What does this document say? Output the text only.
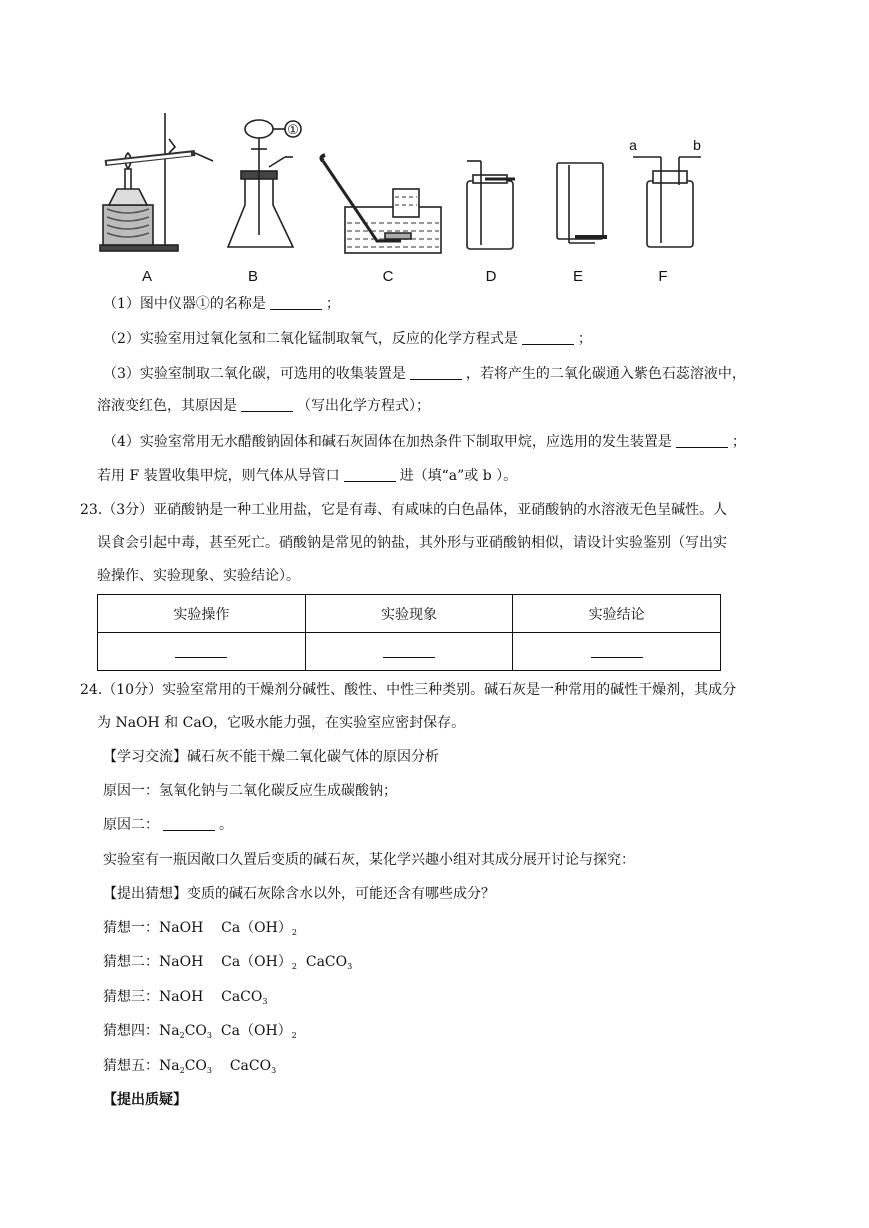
A	B	C	D	E	F
①
a	b
（1）图中仪器①的名称是	；
（2）实验室用过氧化氢和二氧化锰制取氧气，反应的化学方程式是	；
（3）实验室制取二氧化碳，可选用的收集装置是	，若将产生的二氧化碳通入紫色石蕊溶液中，
溶液变红色，其原因是	（写出化学方程式）；
（4）实验室常用无水醋酸钠固体和碱石灰固体在加热条件下制取甲烷，应选用的发生装置是	；
若用 F 装置收集甲烷，则气体从导管口	进（填“a”或 b ）。
23.（3分）亚硝酸钠是一种工业用盐，它是有毒、有咸味的白色晶体，亚硝酸钠的水溶液无色呈碱性。人
误食会引起中毒，甚至死亡。硝酸钠是常见的钠盐，其外形与亚硝酸钠相似，请设计实验鉴别（写出实
验操作、实验现象、实验结论）。
实验操作	实验现象	实验结论

24.（10分）实验室常用的干燥剂分碱性、酸性、中性三种类别。碱石灰是一种常用的碱性干燥剂，其成分
为 NaOH 和 CaO，它吸水能力强，在实验室应密封保存。
【学习交流】碱石灰不能干燥二氧化碳气体的原因分析
原因一：氢氧化钠与二氧化碳反应生成碳酸钠；
原因二：	。
实验室有一瓶因敞口久置后变质的碱石灰，某化学兴趣小组对其成分展开讨论与探究：
【提出猜想】变质的碱石灰除含水以外，可能还含有哪些成分？
猜想一：NaOH $Ca(OH)_2$
猜想二：NaOH $Ca(OH)_2$ CaCO$_3$
猜想三：NaOH CaCO$_3$
猜想四：$Na_2CO_3$ $Ca(OH)_2$
猜想五：$Na_2CO_3$ CaCO$_3$
【提出质疑】
